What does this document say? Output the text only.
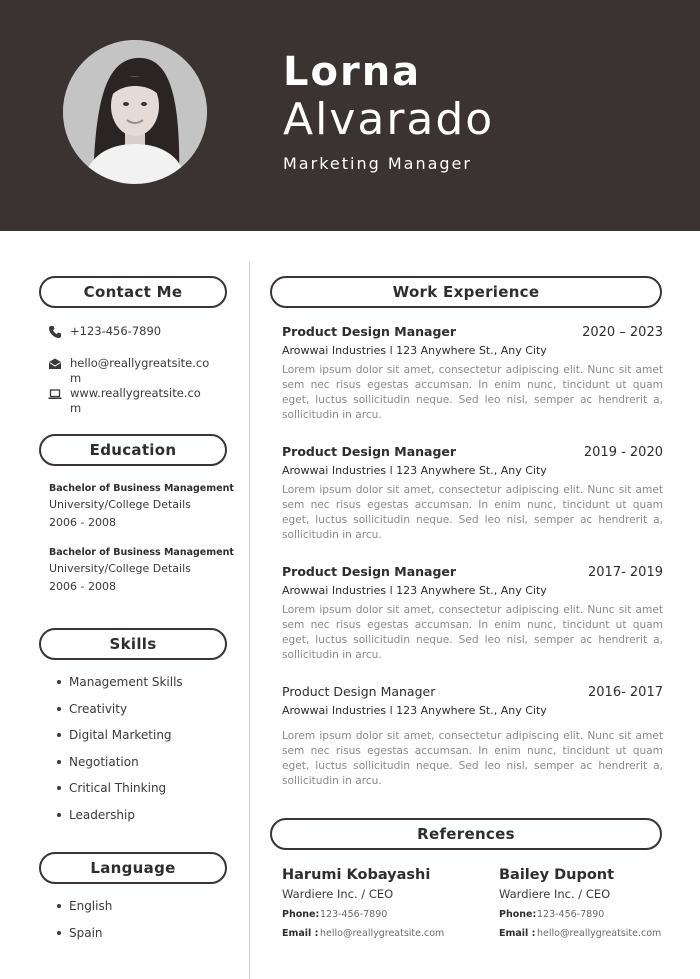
Lorna
Alvarado
Marketing Manager
Contact Me
+123-456-7890
hello@reallygreatsite.com
www.reallygreatsite.com
Education
Bachelor of Business Management
University/College Details
2006 - 2008
Bachelor of Business Management
University/College Details
2006 - 2008
Skills
Management Skills
Creativity
Digital Marketing
Negotiation
Critical Thinking
Leadership
Language
English
Spain
Work Experience
Product Design Manager	2020 – 2023
Arowwai Industries l 123 Anywhere St., Any City
Lorem ipsum dolor sit amet, consectetur adipiscing elit. Nunc sit amet sem nec risus egestas accumsan. In enim nunc, tincidunt ut quam eget, luctus sollicitudin neque. Sed leo nisl, semper ac hendrerit a, sollicitudin in arcu.
Product Design Manager	2019 - 2020
Arowwai Industries l 123 Anywhere St., Any City
Lorem ipsum dolor sit amet, consectetur adipiscing elit. Nunc sit amet sem nec risus egestas accumsan. In enim nunc, tincidunt ut quam eget, luctus sollicitudin neque. Sed leo nisl, semper ac hendrerit a, sollicitudin in arcu.
Product Design Manager	2017- 2019
Arowwai Industries l 123 Anywhere St., Any City
Lorem ipsum dolor sit amet, consectetur adipiscing elit. Nunc sit amet sem nec risus egestas accumsan. In enim nunc, tincidunt ut quam eget, luctus sollicitudin neque. Sed leo nisl, semper ac hendrerit a, sollicitudin in arcu.
Product Design Manager	2016- 2017
Arowwai Industries l 123 Anywhere St., Any City
Lorem ipsum dolor sit amet, consectetur adipiscing elit. Nunc sit amet sem nec risus egestas accumsan. In enim nunc, tincidunt ut quam eget, luctus sollicitudin neque. Sed leo nisl, semper ac hendrerit a, sollicitudin in arcu.
References
Harumi Kobayashi
Wardiere Inc. / CEO
Phone: 123-456-7890
Email : hello@reallygreatsite.com
Bailey Dupont
Wardiere Inc. / CEO
Phone: 123-456-7890
Email : hello@reallygreatsite.com
